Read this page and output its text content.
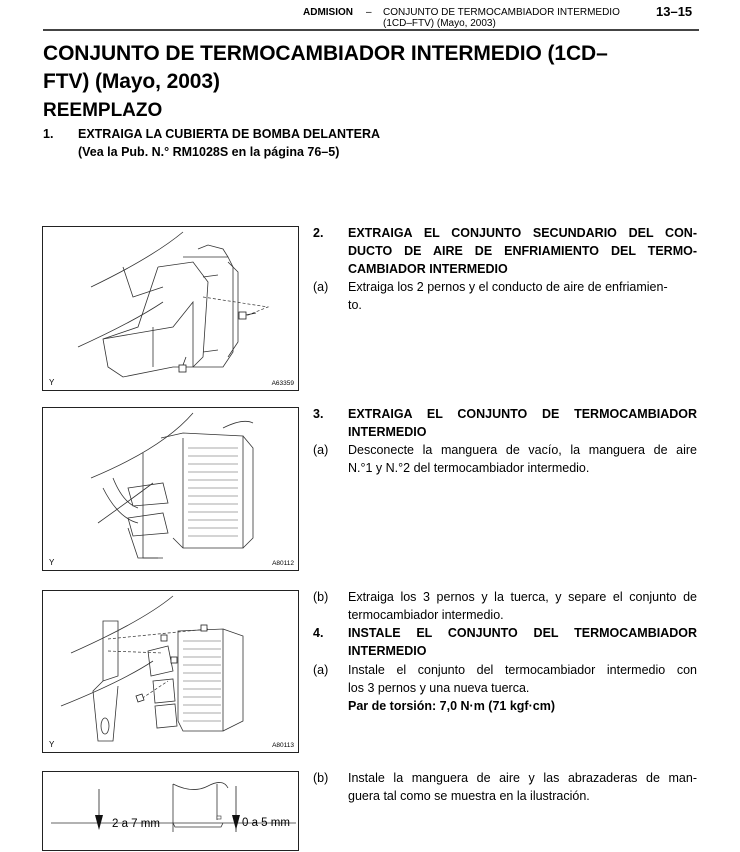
ADMISION – CONJUNTO DE TERMOCAMBIADOR INTERMEDIO
(1CD–FTV) (Mayo, 2003)
13–15
CONJUNTO DE TERMOCAMBIADOR INTERMEDIO (1CD–
FTV) (Mayo, 2003)
REEMPLAZO
1. EXTRAIGA LA CUBIERTA DE BOMBA DELANTERA
(Vea la Pub. N.° RM1028S en la página 76–5)
Y	A63359
2. EXTRAIGA EL CONJUNTO SECUNDARIO DEL CON-
DUCTO DE AIRE DE ENFRIAMIENTO DEL TERMO-
CAMBIADOR INTERMEDIO
(a) Extraiga los 2 pernos y el conducto de aire de enfriamien-
to.
Y	A80112
3. EXTRAIGA EL CONJUNTO DE TERMOCAMBIADOR
INTERMEDIO
(a) Desconecte la manguera de vacío, la manguera de aire
N.°1 y N.°2 del termocambiador intermedio.
Y	A80113
(b) Extraiga los 3 pernos y la tuerca, y separe el conjunto de
termocambiador intermedio.
4. INSTALE EL CONJUNTO DEL TERMOCAMBIADOR
INTERMEDIO
(a) Instale el conjunto del termocambiador intermedio con
los 3 pernos y una nueva tuerca.
Par de torsión: 7,0 N·m (71 kgf·cm)
2 a 7 mm	0 a 5 mm
(b) Instale la manguera de aire y las abrazaderas de man-
guera tal como se muestra en la ilustración.
